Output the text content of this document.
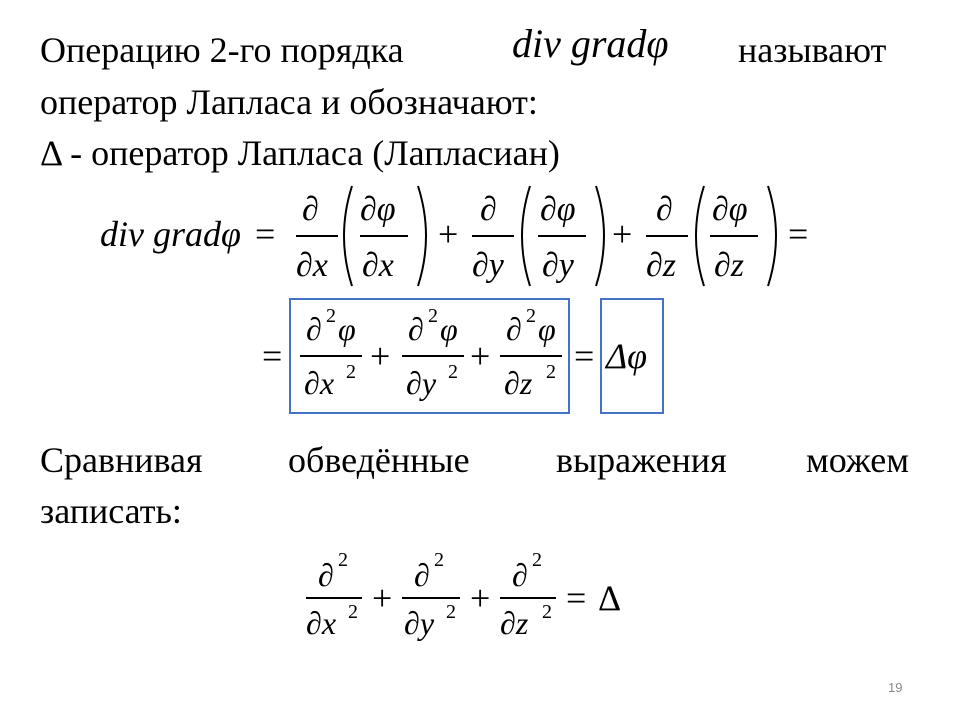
Операцию 2-го порядка	div gradφ называют
оператор Лапласа и обозначают:
Δ - оператор Лапласа (Лапласиан)
div gradφ =
∂
∂x
∂φ
∂x
+
∂
∂y
∂φ
∂y
+
∂
∂z
∂φ
∂z
=
=
∂ 2 φ
∂x 2 +
∂ 2 φ
∂y 2 +
∂ 2 φ
∂z 2 = Δφ
Сравнивая обведённые выражения можем
записать:
∂ 2
∂x 2 +
∂ 2
∂y 2 +
∂ 2
∂z 2 = Δ
19
